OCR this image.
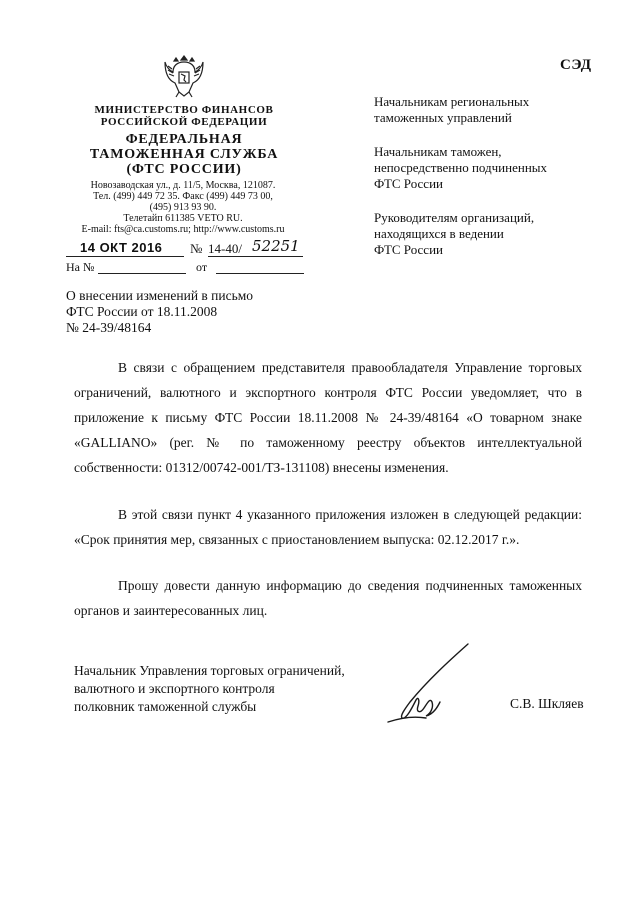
СЭД
МИНИСТЕРСТВО ФИНАНСОВ
РОССИЙСКОЙ ФЕДЕРАЦИИ
ФЕДЕРАЛЬНАЯ
ТАМОЖЕННАЯ СЛУЖБА
(ФТС РОССИИ)
Новозаводская ул., д. 11/5, Москва, 121087.
Тел. (499) 449 72 35. Факс (499) 449 73 00,
(495) 913 93 90.
Телетайп 611385 VETO RU.
E-mail: fts@ca.customs.ru; http://www.customs.ru
14 ОКТ 2016 № 14-40/ 52251
На №	от
Начальникам региональных
таможенных управлений
Начальникам таможен,
непосредственно подчиненных
ФТС России
Руководителям организаций,
находящихся в ведении
ФТС России
О внесении изменений в письмо
ФТС России от 18.11.2008
№ 24-39/48164
В связи с обращением представителя правообладателя Управление торговых ограничений, валютного и экспортного контроля ФТС России уведомляет, что в приложение к письму ФТС России 18.11.2008 № 24-39/48164 «О товарном знаке «GALLIANO» (рег. № по таможенному реестру объектов интеллектуальной собственности: 01312/00742-001/ТЗ-131108) внесены изменения.
В этой связи пункт 4 указанного приложения изложен в следующей редакции: «Срок принятия мер, связанных с приостановлением выпуска: 02.12.2017 г.».
Прошу довести данную информацию до сведения подчиненных таможенных органов и заинтересованных лиц.
Начальник Управления торговых ограничений,
валютного и экспортного контроля
полковник таможенной службы	С.В. Шкляев
